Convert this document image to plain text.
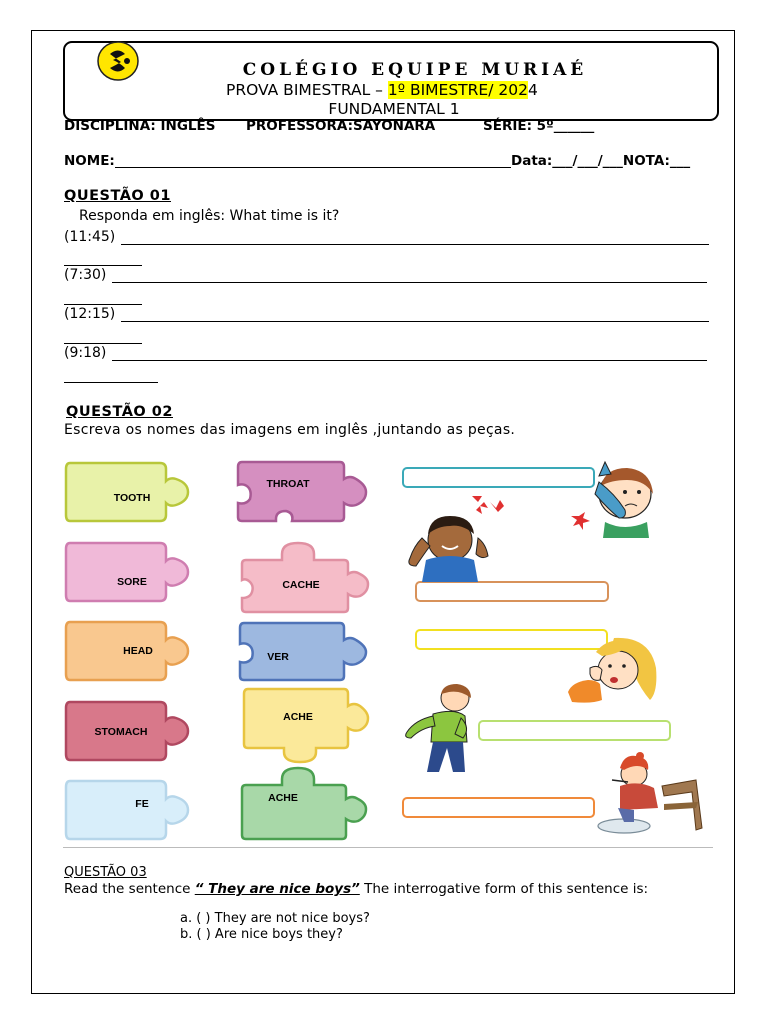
COLÉGIO EQUIPE MURIAÉ
PROVA BIMESTRAL – 1º BIMESTRE/ 2024
FUNDAMENTAL 1
DISCIPLINA: INGLÊS PROFESSORA:SAYONARA	SÉRIE: 5º______
NOME:	Data:___/___/___NOTA:___
QUESTÃO 01
Responda em inglês: What time is it?
(11:45)
(7:30)
(12:15)
(9:18)
QUESTÃO 02
Escreva os nomes das imagens em inglês ,juntando as peças.
TOOTH
SORE
HEAD
STOMACH
FE
THROAT
CACHE
VER
ACHE
ACHE
QUESTÃO 03
Read the sentence “ They are nice boys” The interrogative form of this sentence is:
a. ( ) They are not nice boys?
b. ( ) Are nice boys they?
